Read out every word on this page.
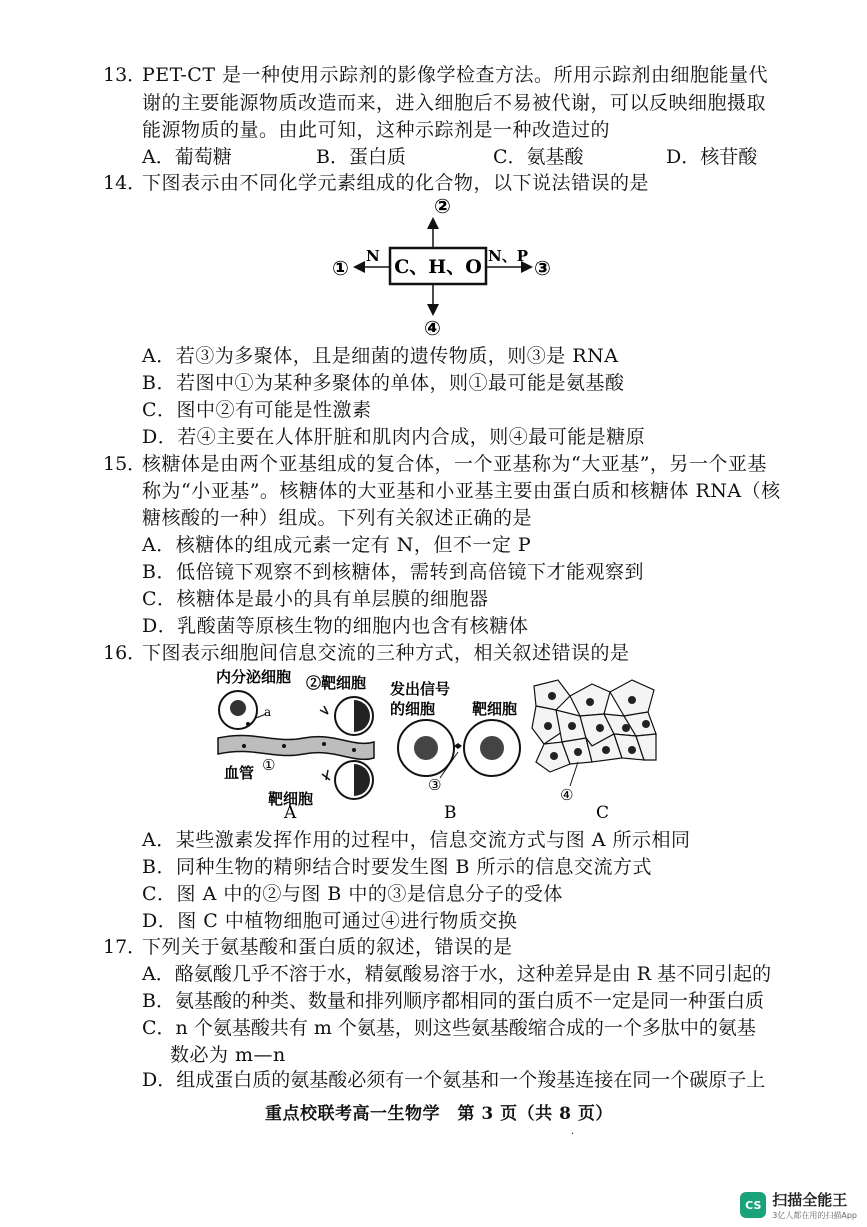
13．
PET-CT 是一种使用示踪剂的影像学检查方法。所用示踪剂由细胞能量代
谢的主要能源物质改造而来，进入细胞后不易被代谢，可以反映细胞摄取
能源物质的量。由此可知，这种示踪剂是一种改造过的
A．葡萄糖	B．蛋白质	C．氨基酸	D．核苷酸
14．
下图表示由不同化学元素组成的化合物，以下说法错误的是
②
C、H、O
N
①	N、P ③
④
A．若③为多聚体，且是细菌的遗传物质，则③是 RNA
B．若图中①为某种多聚体的单体，则①最可能是氨基酸
C．图中②有可能是性激素
D．若④主要在人体肝脏和肌肉内合成，则④最可能是糖原
15．
核糖体是由两个亚基组成的复合体，一个亚基称为“大亚基”，另一个亚基
称为“小亚基”。核糖体的大亚基和小亚基主要由蛋白质和核糖体 RNA（核
糖核酸的一种）组成。下列有关叙述正确的是
A．核糖体的组成元素一定有 N，但不一定 P
B．低倍镜下观察不到核糖体，需转到高倍镜下才能观察到
C．核糖体是最小的具有单层膜的细胞器
D．乳酸菌等原核生物的细胞内也含有核糖体
16．
下图表示细胞间信息交流的三种方式，相关叙述错误的是
内分泌细胞
a
②靶细胞
①
血管
靶细胞
A
发出信号
的细胞 靶细胞
③
B
④
C
A．某些激素发挥作用的过程中，信息交流方式与图 A 所示相同
B．同种生物的精卵结合时要发生图 B 所示的信息交流方式
C．图 A 中的②与图 B 中的③是信息分子的受体
D．图 C 中植物细胞可通过④进行物质交换
17．
下列关于氨基酸和蛋白质的叙述，错误的是
A．酪氨酸几乎不溶于水，精氨酸易溶于水，这种差异是由 R 基不同引起的
B．氨基酸的种类、数量和排列顺序都相同的蛋白质不一定是同一种蛋白质
C．n 个氨基酸共有 m 个氨基，则这些氨基酸缩合成的一个多肽中的氨基
数必为 m—n
D．组成蛋白质的氨基酸必须有一个氨基和一个羧基连接在同一个碳原子上
重点校联考高一生物学　第 3 页（共 8 页）
·
CS 扫描全能王
3亿人都在用的扫描App
